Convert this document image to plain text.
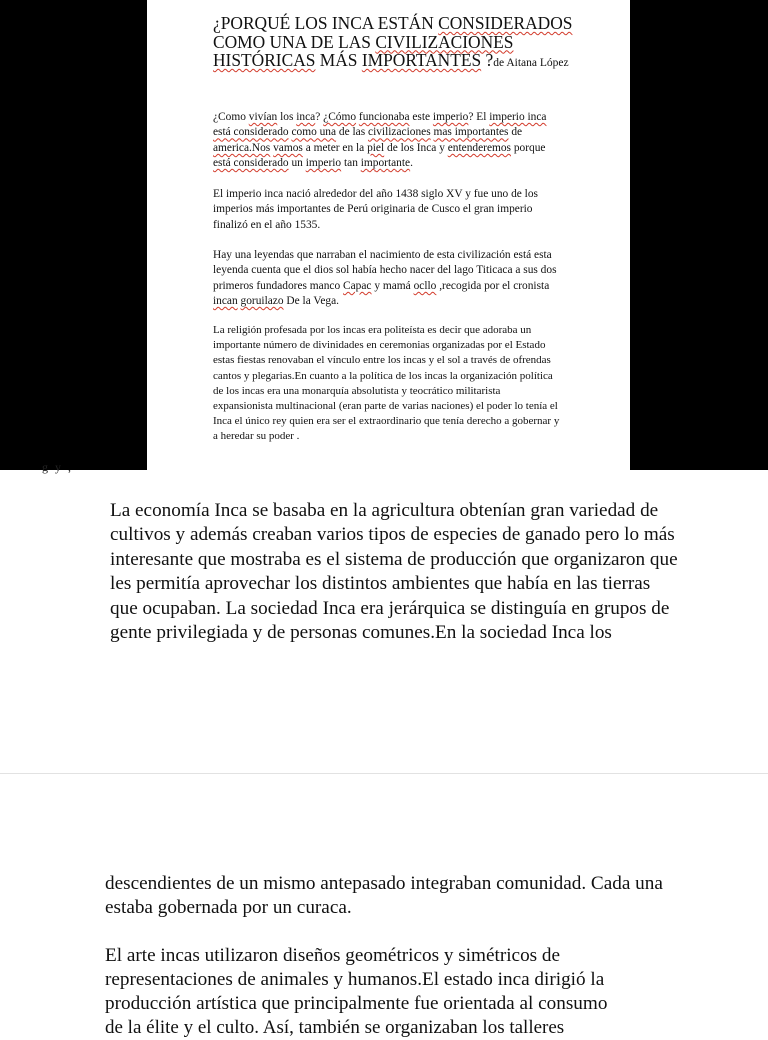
¿PORQUÉ LOS INCA ESTÁN CONSIDERADOS COMO UNA DE LAS CIVILIZACIONES HISTÓRICAS MÁS IMPORTANTES ?de Aitana López

¿Como vivían los inca? ¿Cómo funcionaba este imperio? El imperio inca está considerado como una de las civilizaciones mas importantes de america.Nos vamos a meter en la piel de los Inca y entenderemos porque está considerado un imperio tan importante.

El imperio inca nació alrededor del año 1438 siglo XV y fue uno de los imperios más importantes de Perú originaria de Cusco el gran imperio finalizó en el año 1535.

Hay una leyendas que narraban el nacimiento de esta civilización está esta leyenda cuenta que el dios sol había hecho nacer del lago Titicaca a sus dos primeros fundadores manco Capac y mamá ocllo ,recogida por el cronista incan goruilazo De la Vega.

La religión profesada por los incas era politeísta es decir que adoraba un importante número de divinidades en ceremonias organizadas por el Estado estas fiestas renovaban el vínculo entre los incas y el sol a través de ofrendas cantos y plegarias.En cuanto a la política de los incas la organización política de los incas era una monarquía absolutista y teocrático militarista expansionista multinacional (eran parte de varias naciones) el poder lo tenía el Inca el único rey quien era ser el extraordinario que tenía derecho a gobernar y a heredar su poder .

g y ,

La economía Inca se basaba en la agricultura obtenían gran variedad de cultivos y además creaban varios tipos de especies de ganado pero lo más interesante que mostraba es el sistema de producción que organizaron que les permitía aprovechar los distintos ambientes que había en las tierras que ocupaban. La sociedad Inca era jerárquica se distinguía en grupos de gente privilegiada y de personas comunes.En la sociedad Inca los

descendientes de un mismo antepasado integraban comunidad. Cada una estaba gobernada por un curaca.

El arte incas utilizaron diseños geométricos y simétricos de representaciones de animales y humanos.El estado inca dirigió la producción artística que principalmente fue orientada al consumo

de la élite y el culto. Así, también se organizaban los talleres
